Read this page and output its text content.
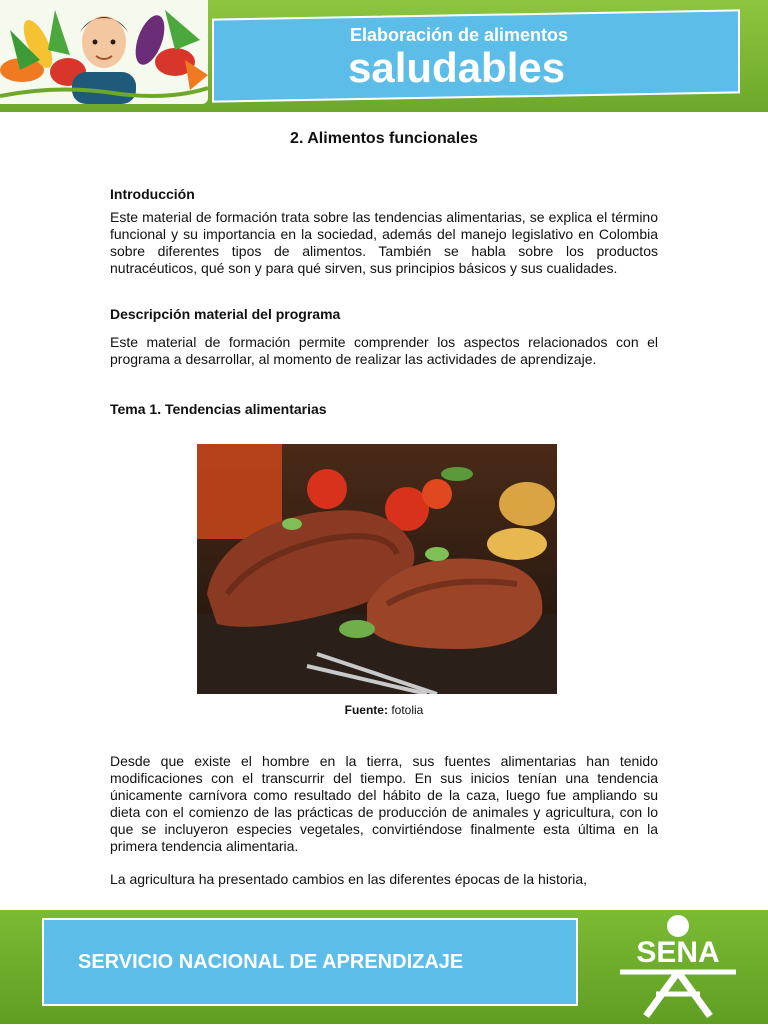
Elaboración de alimentos
saludables
2. Alimentos funcionales
Introducción
Este material de formación trata sobre las tendencias alimentarias, se explica el término funcional y su importancia en la sociedad, además del manejo legislativo en Colombia sobre diferentes tipos de alimentos. También se habla sobre los productos nutracéuticos, qué son y para qué sirven, sus principios básicos y sus cualidades.
Descripción material del programa
Este material de formación permite comprender los aspectos relacionados con el programa a desarrollar, al momento de realizar las actividades de aprendizaje.
Tema 1. Tendencias alimentarias
Fuente: fotolia
Desde que existe el hombre en la tierra, sus fuentes alimentarias han tenido modificaciones con el transcurrir del tiempo. En sus inicios tenían una tendencia únicamente carnívora como resultado del hábito de la caza, luego fue ampliando su dieta con el comienzo de las prácticas de producción de animales y agricultura, con lo que se incluyeron especies vegetales, convirtiéndose finalmente esta última en la primera tendencia alimentaria.
La agricultura ha presentado cambios en las diferentes épocas de la historia,
SERVICIO NACIONAL DE APRENDIZAJE	SENA
